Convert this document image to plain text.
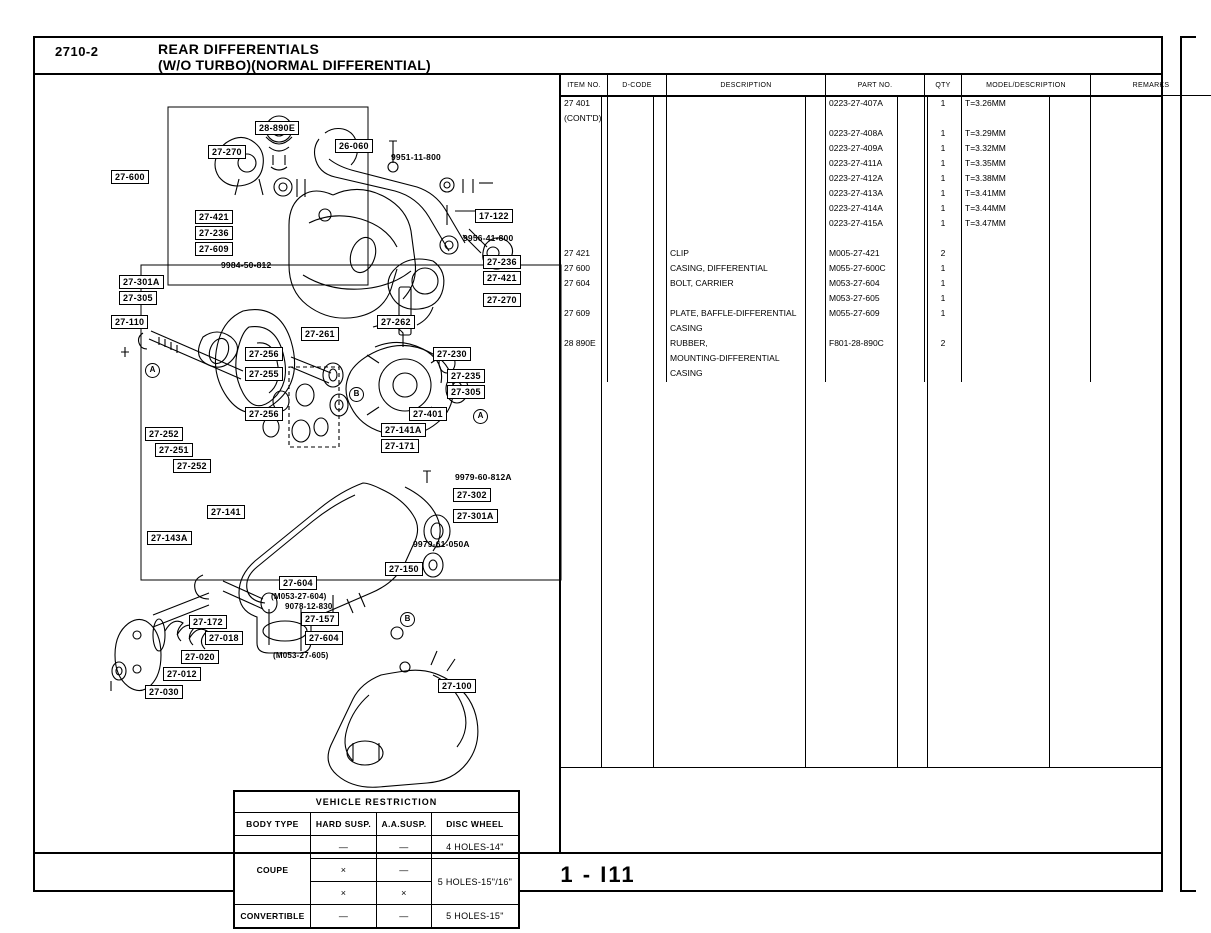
2710-2	REAR DIFFERENTIALS
(W/O TURBO)(NORMAL DIFFERENTIAL)
27-600
27-270
28-890E
26-060
9951-11-800
27-421
27-236
27-609
17-122
9956-41-800
9984-50-812	27-236
27-421
27-270
27-301A
27-305
27-110
27-261
27-262
27-256
27-255
27-230
27-235
27-305
27-256	27-401
27-141A
27-171
27-252
27-251
27-252
9979-60-812A
27-302
27-301A
27-141
27-143A
9979-61-050A
27-150
27-604
(M053-27-604)
9078-12-830
27-157
27-172
27-018
27-020
27-012
27-030
27-604
(M053-27-605)
27-100
A
B
A
B
VEHICLE RESTRICTION			
BODY TYPE	HARD SUSP.	A.A.SUSP.	DISC WHEEL
COUPE	—	—	4 HOLES-14"
	×	—	5 HOLES-15"/16"
	×	×	
CONVERTIBLE	—	—	5 HOLES-15"
ITEM NO.	D-CODE	DESCRIPTION	PART NO.	QTY	MODEL/DESCRIPTION	REMARKS
27 401			0223-27-407A	1	T=3.26MM	
(CONT'D)						
			0223-27-408A	1	T=3.29MM	
			0223-27-409A	1	T=3.32MM	
			0223-27-411A	1	T=3.35MM	
			0223-27-412A	1	T=3.38MM	
			0223-27-413A	1	T=3.41MM	
			0223-27-414A	1	T=3.44MM	
			0223-27-415A	1	T=3.47MM	

27 421		CLIP	M005-27-421	2		
27 600		CASING, DIFFERENTIAL	M055-27-600C	1		
27 604		BOLT, CARRIER	M053-27-604	1		
			M053-27-605	1		
27 609		PLATE, BAFFLE-DIFFERENTIAL	M055-27-609	1		
		CASING				
28 890E		RUBBER,	F801-28-890C	2		
		MOUNTING-DIFFERENTIAL				
		CASING				
1 - I11
